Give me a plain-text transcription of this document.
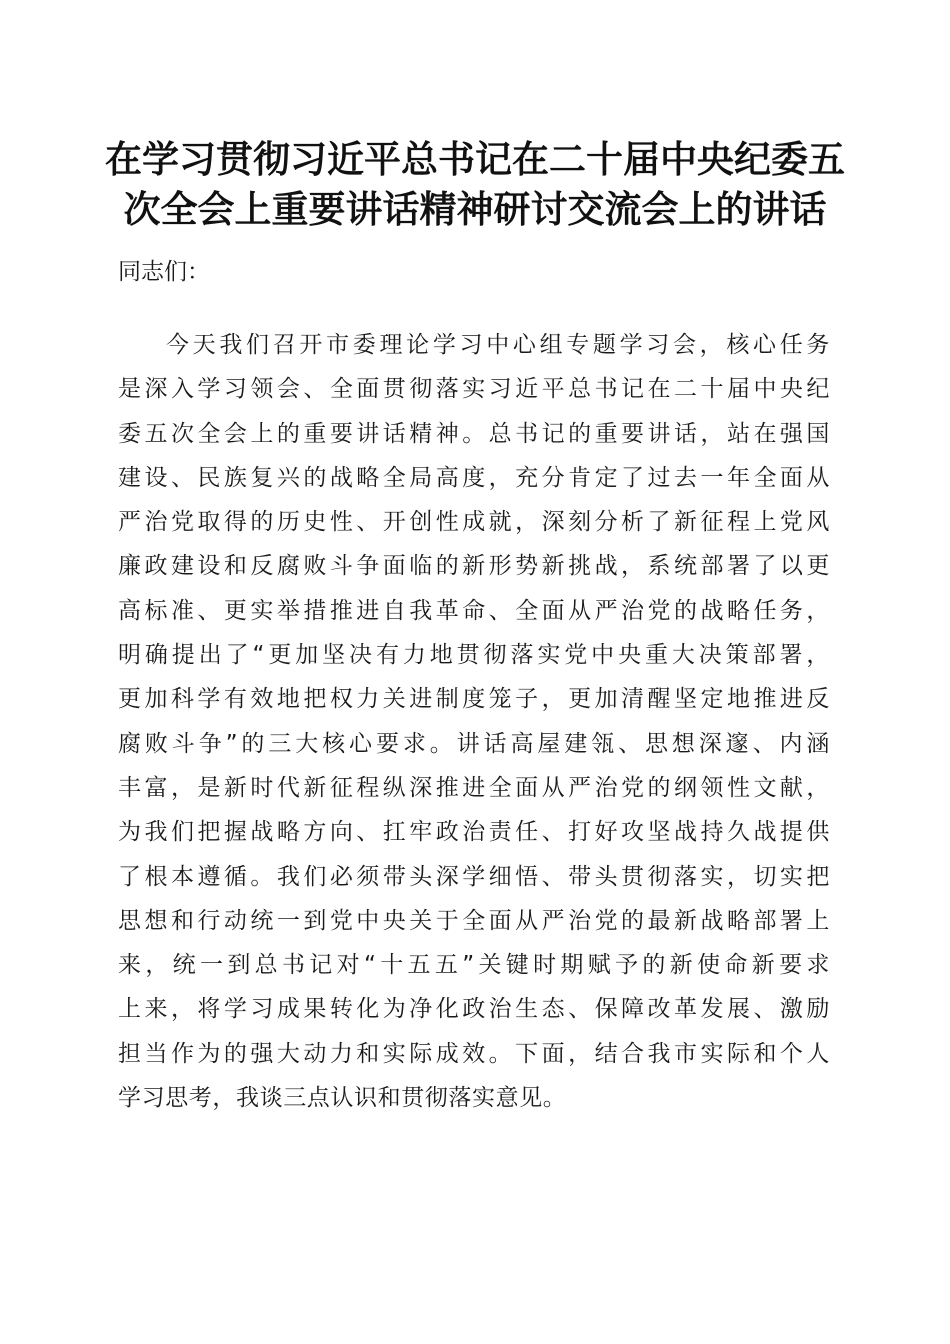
在学习贯彻习近平总书记在二十届中央纪委五
次全会上重要讲话精神研讨交流会上的讲话

同志们：

今天我们召开市委理论学习中心组专题学习会，核心任务
是深入学习领会、全面贯彻落实习近平总书记在二十届中央纪
委五次全会上的重要讲话精神。总书记的重要讲话，站在强国
建设、民族复兴的战略全局高度，充分肯定了过去一年全面从
严治党取得的历史性、开创性成就，深刻分析了新征程上党风
廉政建设和反腐败斗争面临的新形势新挑战，系统部署了以更
高标准、更实举措推进自我革命、全面从严治党的战略任务，
明确提出了“更加坚决有力地贯彻落实党中央重大决策部署，
更加科学有效地把权力关进制度笼子，更加清醒坚定地推进反
腐败斗争”的三大核心要求。讲话高屋建瓴、思想深邃、内涵
丰富，是新时代新征程纵深推进全面从严治党的纲领性文献，
为我们把握战略方向、扛牢政治责任、打好攻坚战持久战提供
了根本遵循。我们必须带头深学细悟、带头贯彻落实，切实把
思想和行动统一到党中央关于全面从严治党的最新战略部署上
来，统一到总书记对“十五五”关键时期赋予的新使命新要求
上来，将学习成果转化为净化政治生态、保障改革发展、激励
担当作为的强大动力和实际成效。下面，结合我市实际和个人
学习思考，我谈三点认识和贯彻落实意见。
